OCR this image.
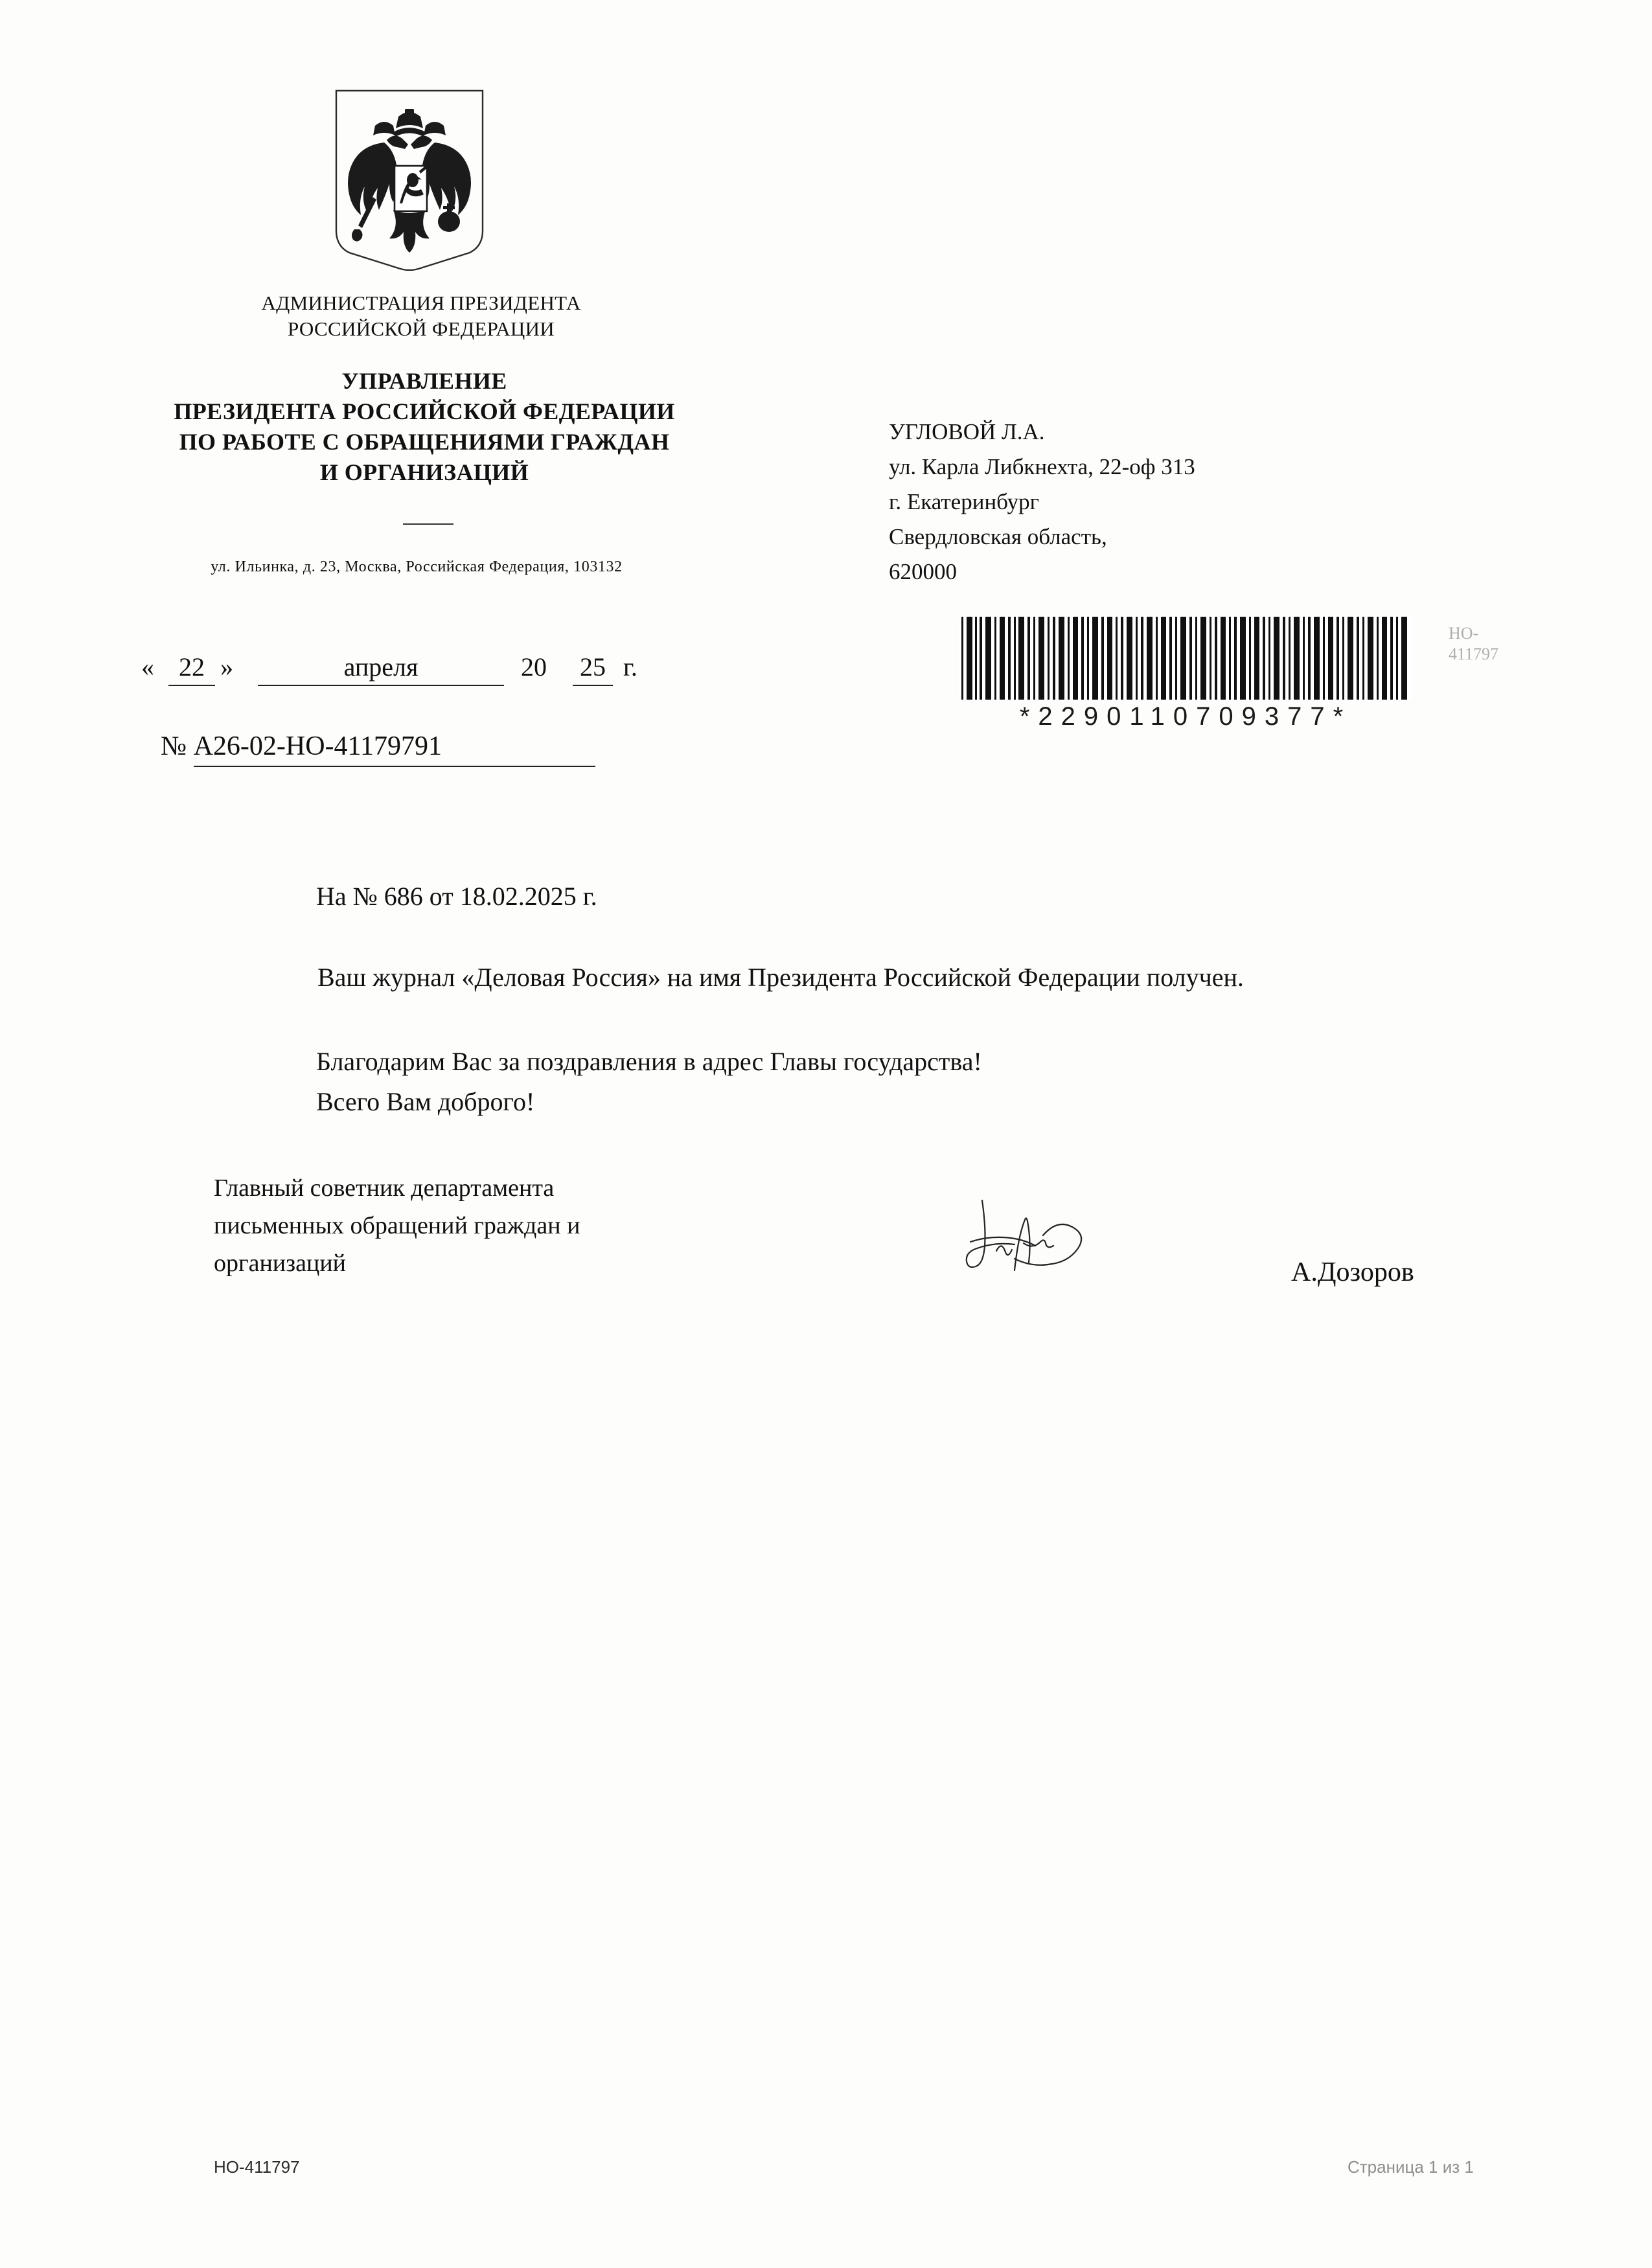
АДМИНИСТРАЦИЯ ПРЕЗИДЕНТА
РОССИЙСКОЙ ФЕДЕРАЦИИ
УПРАВЛЕНИЕ
ПРЕЗИДЕНТА РОССИЙСКОЙ ФЕДЕРАЦИИ
ПО РАБОТЕ С ОБРАЩЕНИЯМИ ГРАЖДАН
И ОРГАНИЗАЦИЙ
ул. Ильинка, д. 23, Москва, Российская Федерация, 103132
« 22 »	апреля	20 25 г.
№ А26-02-НО-41179791
УГЛОВОЙ Л.А.
ул. Карла Либкнехта, 22-оф 313
г. Екатеринбург
Свердловская область,
620000
*2290110709377*
НО-
411797
На № 686 от 18.02.2025 г.
Ваш журнал «Деловая Россия» на имя Президента Российской Федерации получен.
Благодарим Вас за поздравления в адрес Главы государства!
Всего Вам доброго!
Главный советник департамента
письменных обращений граждан и
организаций	А.Дозоров
НО-411797	Страница 1 из 1
